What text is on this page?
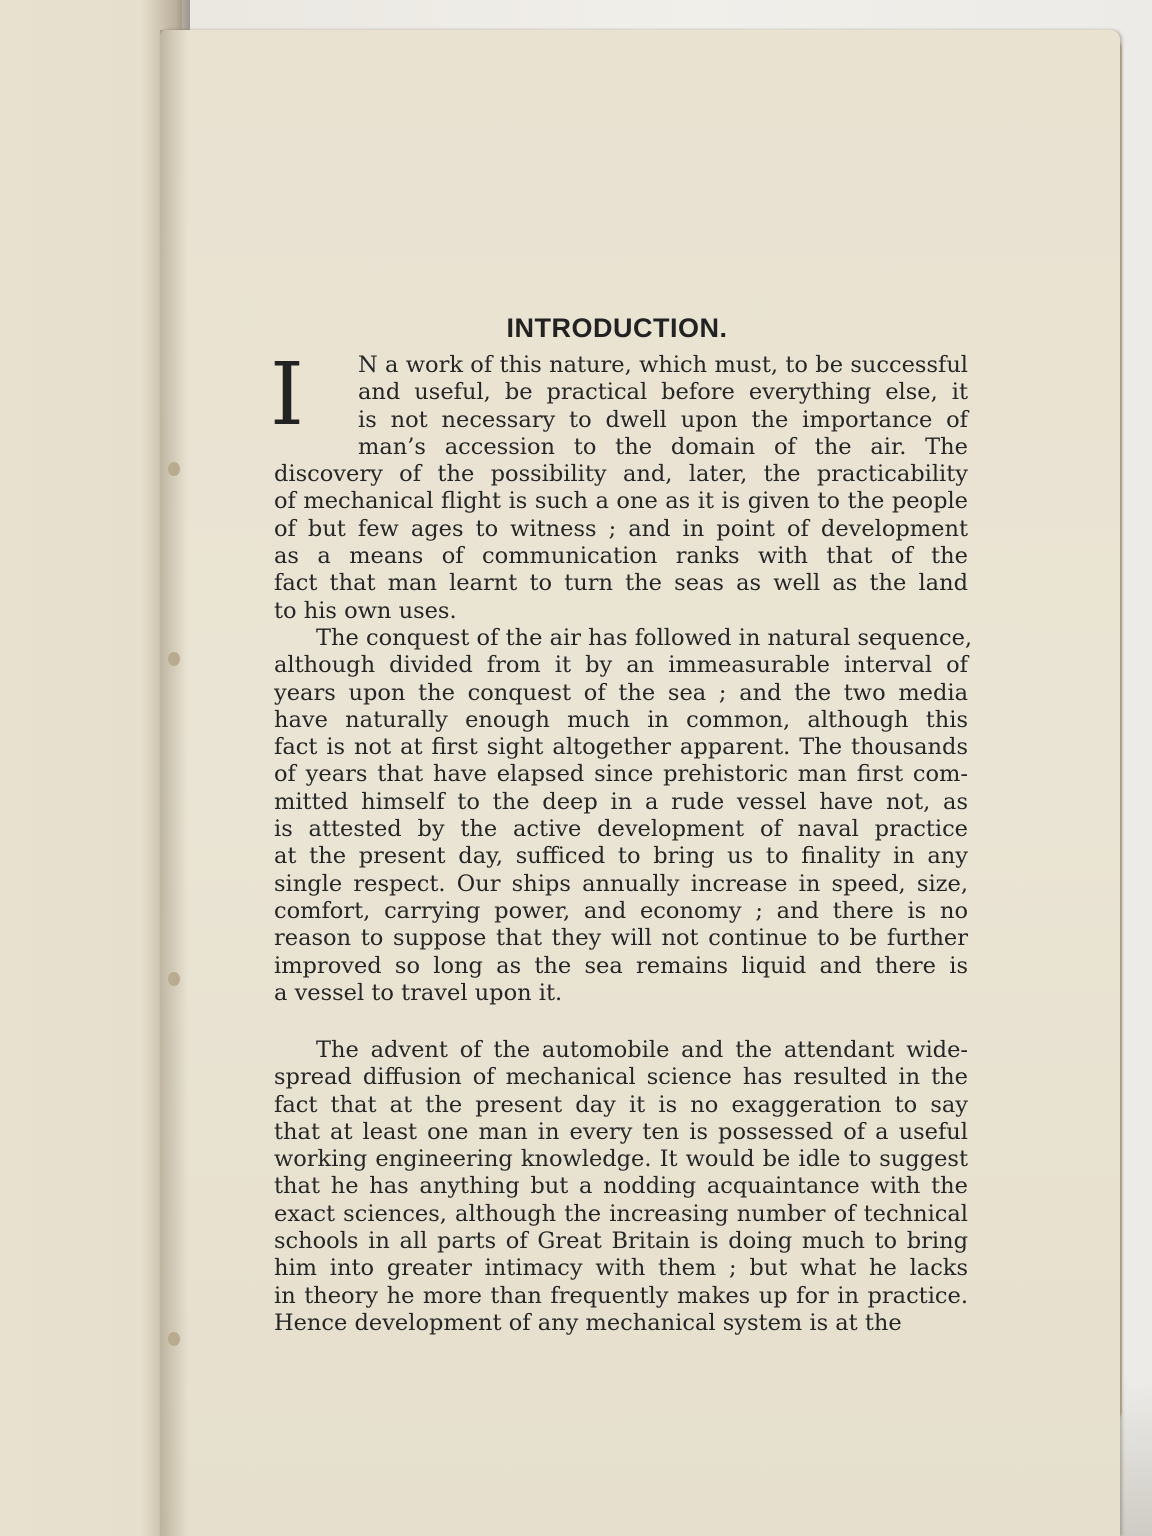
INTRODUCTION.
I N a work of this nature, which must, to be successful
and useful, be practical before everything else, it
is not necessary to dwell upon the importance of
man’s accession to the domain of the air. The
discovery of the possibility and, later, the practicability
of mechanical flight is such a one as it is given to the people
of but few ages to witness ; and in point of development
as a means of communication ranks with that of the
fact that man learnt to turn the seas as well as the land
to his own uses.
The conquest of the air has followed in natural sequence,
although divided from it by an immeasurable interval of
years upon the conquest of the sea ; and the two media
have naturally enough much in common, although this
fact is not at first sight altogether apparent. The thousands
of years that have elapsed since prehistoric man first com-
mitted himself to the deep in a rude vessel have not, as
is attested by the active development of naval practice
at the present day, sufficed to bring us to finality in any
single respect. Our ships annually increase in speed, size,
comfort, carrying power, and economy ; and there is no
reason to suppose that they will not continue to be further
improved so long as the sea remains liquid and there is
a vessel to travel upon it.
The advent of the automobile and the attendant wide-
spread diffusion of mechanical science has resulted in the
fact that at the present day it is no exaggeration to say
that at least one man in every ten is possessed of a useful
working engineering knowledge. It would be idle to suggest
that he has anything but a nodding acquaintance with the
exact sciences, although the increasing number of technical
schools in all parts of Great Britain is doing much to bring
him into greater intimacy with them ; but what he lacks
in theory he more than frequently makes up for in practice.
Hence development of any mechanical system is at the
